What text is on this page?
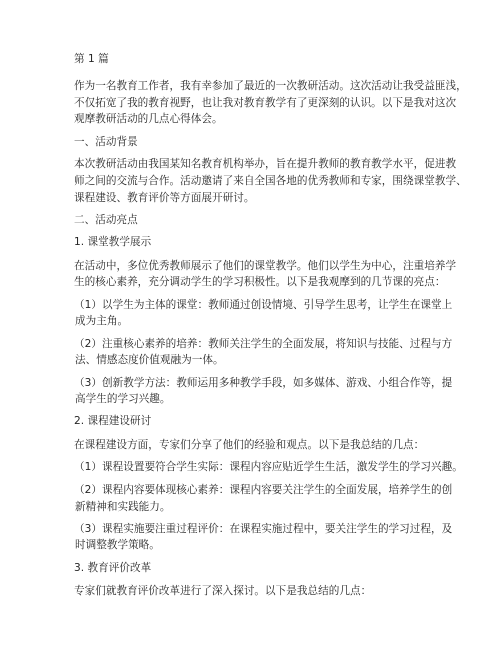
第 1 篇
作为一名教育工作者，我有幸参加了最近的一次教研活动。这次活动让我受益匪浅，
不仅拓宽了我的教育视野，也让我对教育教学有了更深刻的认识。以下是我对这次
观摩教研活动的几点心得体会。
一、活动背景
本次教研活动由我国某知名教育机构举办，旨在提升教师的教育教学水平，促进教
师之间的交流与合作。活动邀请了来自全国各地的优秀教师和专家，围绕课堂教学、
课程建设、教育评价等方面展开研讨。
二、活动亮点
1. 课堂教学展示
在活动中，多位优秀教师展示了他们的课堂教学。他们以学生为中心，注重培养学
生的核心素养，充分调动学生的学习积极性。以下是我观摩到的几节课的亮点：
（1）以学生为主体的课堂：教师通过创设情境、引导学生思考，让学生在课堂上
成为主角。
（2）注重核心素养的培养：教师关注学生的全面发展，将知识与技能、过程与方
法、情感态度价值观融为一体。
（3）创新教学方法：教师运用多种教学手段，如多媒体、游戏、小组合作等，提
高学生的学习兴趣。
2. 课程建设研讨
在课程建设方面，专家们分享了他们的经验和观点。以下是我总结的几点：
（1）课程设置要符合学生实际：课程内容应贴近学生生活，激发学生的学习兴趣。
（2）课程内容要体现核心素养：课程内容要关注学生的全面发展，培养学生的创
新精神和实践能力。
（3）课程实施要注重过程评价：在课程实施过程中，要关注学生的学习过程，及
时调整教学策略。
3. 教育评价改革
专家们就教育评价改革进行了深入探讨。以下是我总结的几点：
